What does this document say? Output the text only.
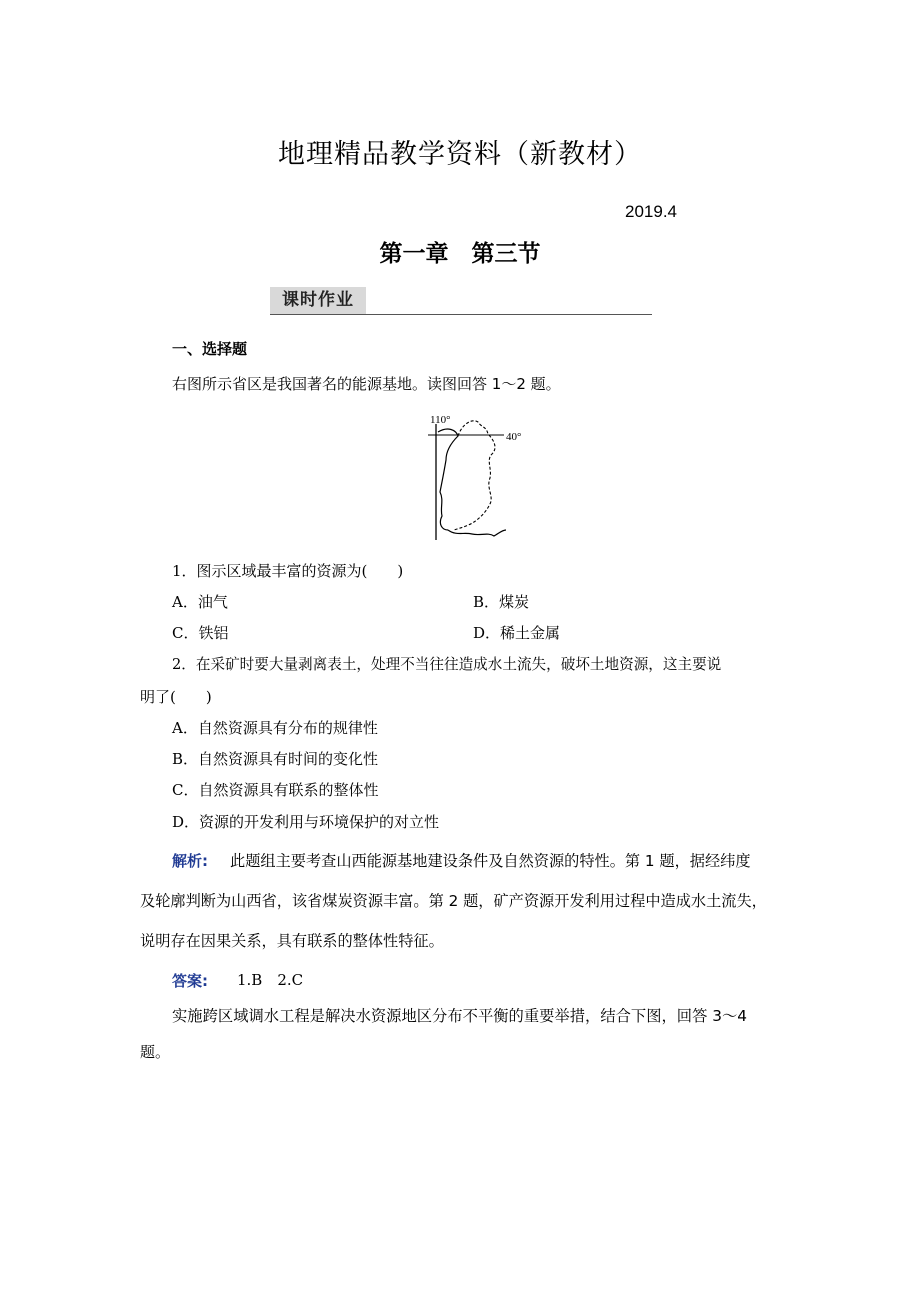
地理精品教学资料（新教材）
2019.4
第一章　第三节
课时作业
一、选择题
右图所示省区是我国著名的能源基地。读图回答 1～2 题。
110°
40°
1．图示区域最丰富的资源为(　　)
A．油气	B．煤炭
C．铁铝	D．稀土金属
2．在采矿时要大量剥离表土，处理不当往往造成水土流失，破坏土地资源，这主要说
明了(　　)
A．自然资源具有分布的规律性
B．自然资源具有时间的变化性
C．自然资源具有联系的整体性
D．资源的开发利用与环境保护的对立性
解析: 此题组主要考查山西能源基地建设条件及自然资源的特性。第 1 题，据经纬度
及轮廓判断为山西省，该省煤炭资源丰富。第 2 题，矿产资源开发利用过程中造成水土流失，
说明存在因果关系，具有联系的整体性特征。
答案: 1.B　2.C
实施跨区域调水工程是解决水资源地区分布不平衡的重要举措，结合下图，回答 3～4
题。
